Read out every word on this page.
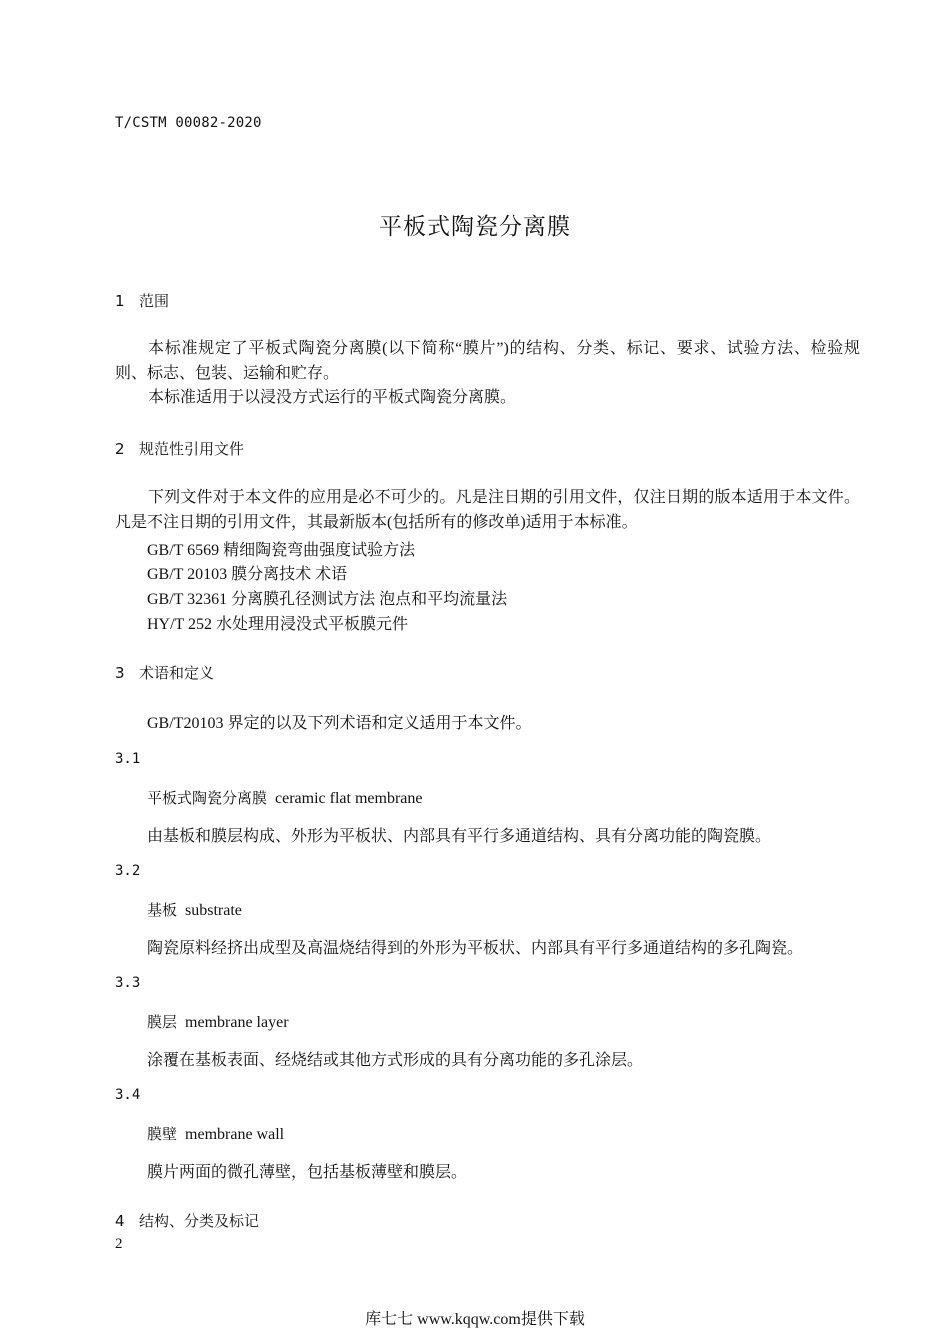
T/CSTM 00082-2020
平板式陶瓷分离膜
1 范围
本标准规定了平板式陶瓷分离膜(以下简称“膜片”)的结构、分类、标记、要求、试验方法、检验规则、标志、包装、运输和贮存。
本标准适用于以浸没方式运行的平板式陶瓷分离膜。
2 规范性引用文件
下列文件对于本文件的应用是必不可少的。凡是注日期的引用文件，仅注日期的版本适用于本文件。凡是不注日期的引用文件，其最新版本(包括所有的修改单)适用于本标准。
GB/T 6569 精细陶瓷弯曲强度试验方法
GB/T 20103 膜分离技术 术语
GB/T 32361 分离膜孔径测试方法 泡点和平均流量法
HY/T 252 水处理用浸没式平板膜元件
3 术语和定义
GB/T20103 界定的以及下列术语和定义适用于本文件。
3.1
平板式陶瓷分离膜 ceramic flat membrane
由基板和膜层构成、外形为平板状、内部具有平行多通道结构、具有分离功能的陶瓷膜。
3.2
基板 substrate
陶瓷原料经挤出成型及高温烧结得到的外形为平板状、内部具有平行多通道结构的多孔陶瓷。
3.3
膜层 membrane layer
涂覆在基板表面、经烧结或其他方式形成的具有分离功能的多孔涂层。
3.4
膜壁 membrane wall
膜片两面的微孔薄壁，包括基板薄壁和膜层。
4 结构、分类及标记
2
库七七 www.kqqw.com提供下载
